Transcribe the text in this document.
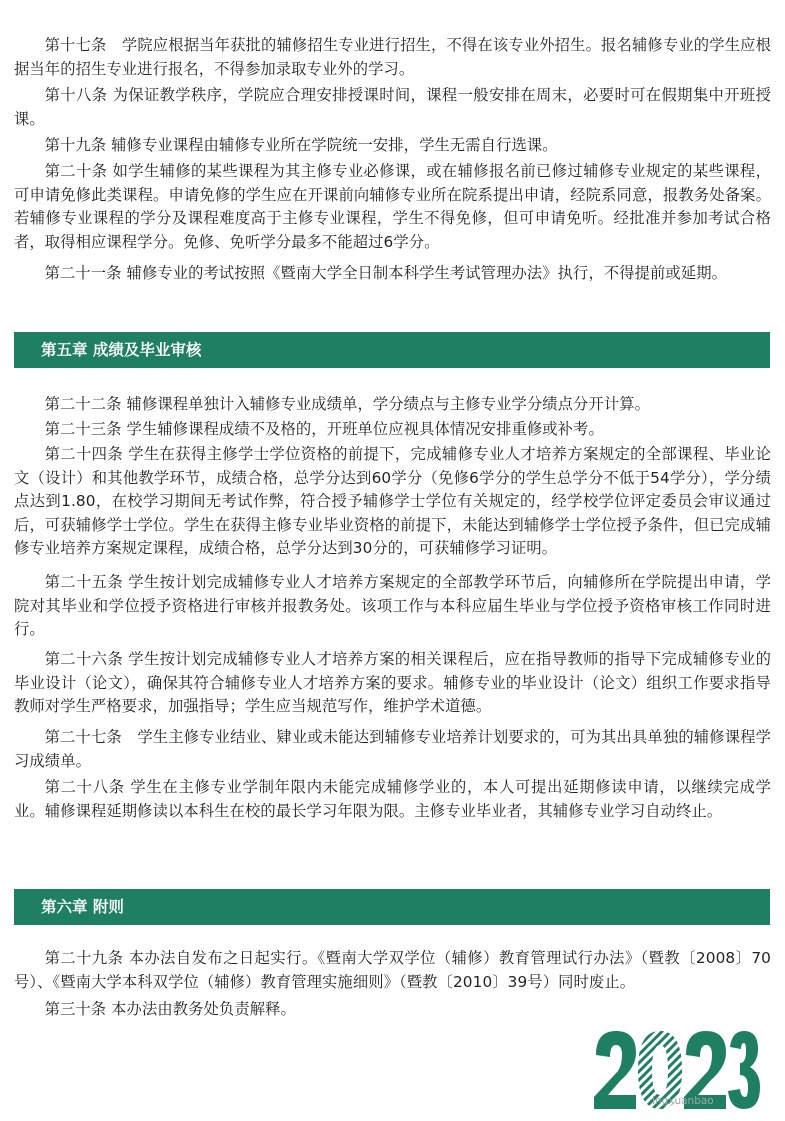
第十七条　学院应根据当年获批的辅修招生专业进行招生，不得在该专业外招生。报名辅修专业的学生应根据当年的招生专业进行报名，不得参加录取专业外的学习。

第十八条 为保证教学秩序，学院应合理安排授课时间，课程一般安排在周末，必要时可在假期集中开班授课。

第十九条 辅修专业课程由辅修专业所在学院统一安排，学生无需自行选课。

第二十条 如学生辅修的某些课程为其主修专业必修课，或在辅修报名前已修过辅修专业规定的某些课程，可申请免修此类课程。申请免修的学生应在开课前向辅修专业所在院系提出申请，经院系同意，报教务处备案。若辅修专业课程的学分及课程难度高于主修专业课程，学生不得免修，但可申请免听。经批准并参加考试合格者，取得相应课程学分。免修、免听学分最多不能超过6学分。

第二十一条 辅修专业的考试按照《暨南大学全日制本科学生考试管理办法》执行，不得提前或延期。

第五章 成绩及毕业审核

第二十二条 辅修课程单独计入辅修专业成绩单，学分绩点与主修专业学分绩点分开计算。

第二十三条 学生辅修课程成绩不及格的，开班单位应视具体情况安排重修或补考。

第二十四条 学生在获得主修学士学位资格的前提下，完成辅修专业人才培养方案规定的全部课程、毕业论文（设计）和其他教学环节，成绩合格，总学分达到60学分（免修6学分的学生总学分不低于54学分），学分绩点达到1.80，在校学习期间无考试作弊，符合授予辅修学士学位有关规定的，经学校学位评定委员会审议通过后，可获辅修学士学位。学生在获得主修专业毕业资格的前提下，未能达到辅修学士学位授予条件，但已完成辅修专业培养方案规定课程，成绩合格，总学分达到30分的，可获辅修学习证明。

第二十五条 学生按计划完成辅修专业人才培养方案规定的全部教学环节后，向辅修所在学院提出申请，学院对其毕业和学位授予资格进行审核并报教务处。该项工作与本科应届生毕业与学位授予资格审核工作同时进行。

第二十六条 学生按计划完成辅修专业人才培养方案的相关课程后，应在指导教师的指导下完成辅修专业的毕业设计（论文），确保其符合辅修专业人才培养方案的要求。辅修专业的毕业设计（论文）组织工作要求指导教师对学生严格要求，加强指导；学生应当规范写作，维护学术道德。

第二十七条　学生主修专业结业、肄业或未能达到辅修专业培养计划要求的，可为其出具单独的辅修课程学习成绩单。

第二十八条 学生在主修专业学制年限内未能完成辅修学业的，本人可提出延期修读申请，以继续完成学业。辅修课程延期修读以本科生在校的最长学习年限为限。主修专业毕业者，其辅修专业学习自动终止。

第六章 附则

第二十九条 本办法自发布之日起实行。《暨南大学双学位（辅修）教育管理试行办法》（暨教〔2008〕70号）、《暨南大学本科双学位（辅修）教育管理实施细则》（暨教〔2010〕39号）同时废止。

第三十条 本办法由教务处负责解释。

ingxuanbao
